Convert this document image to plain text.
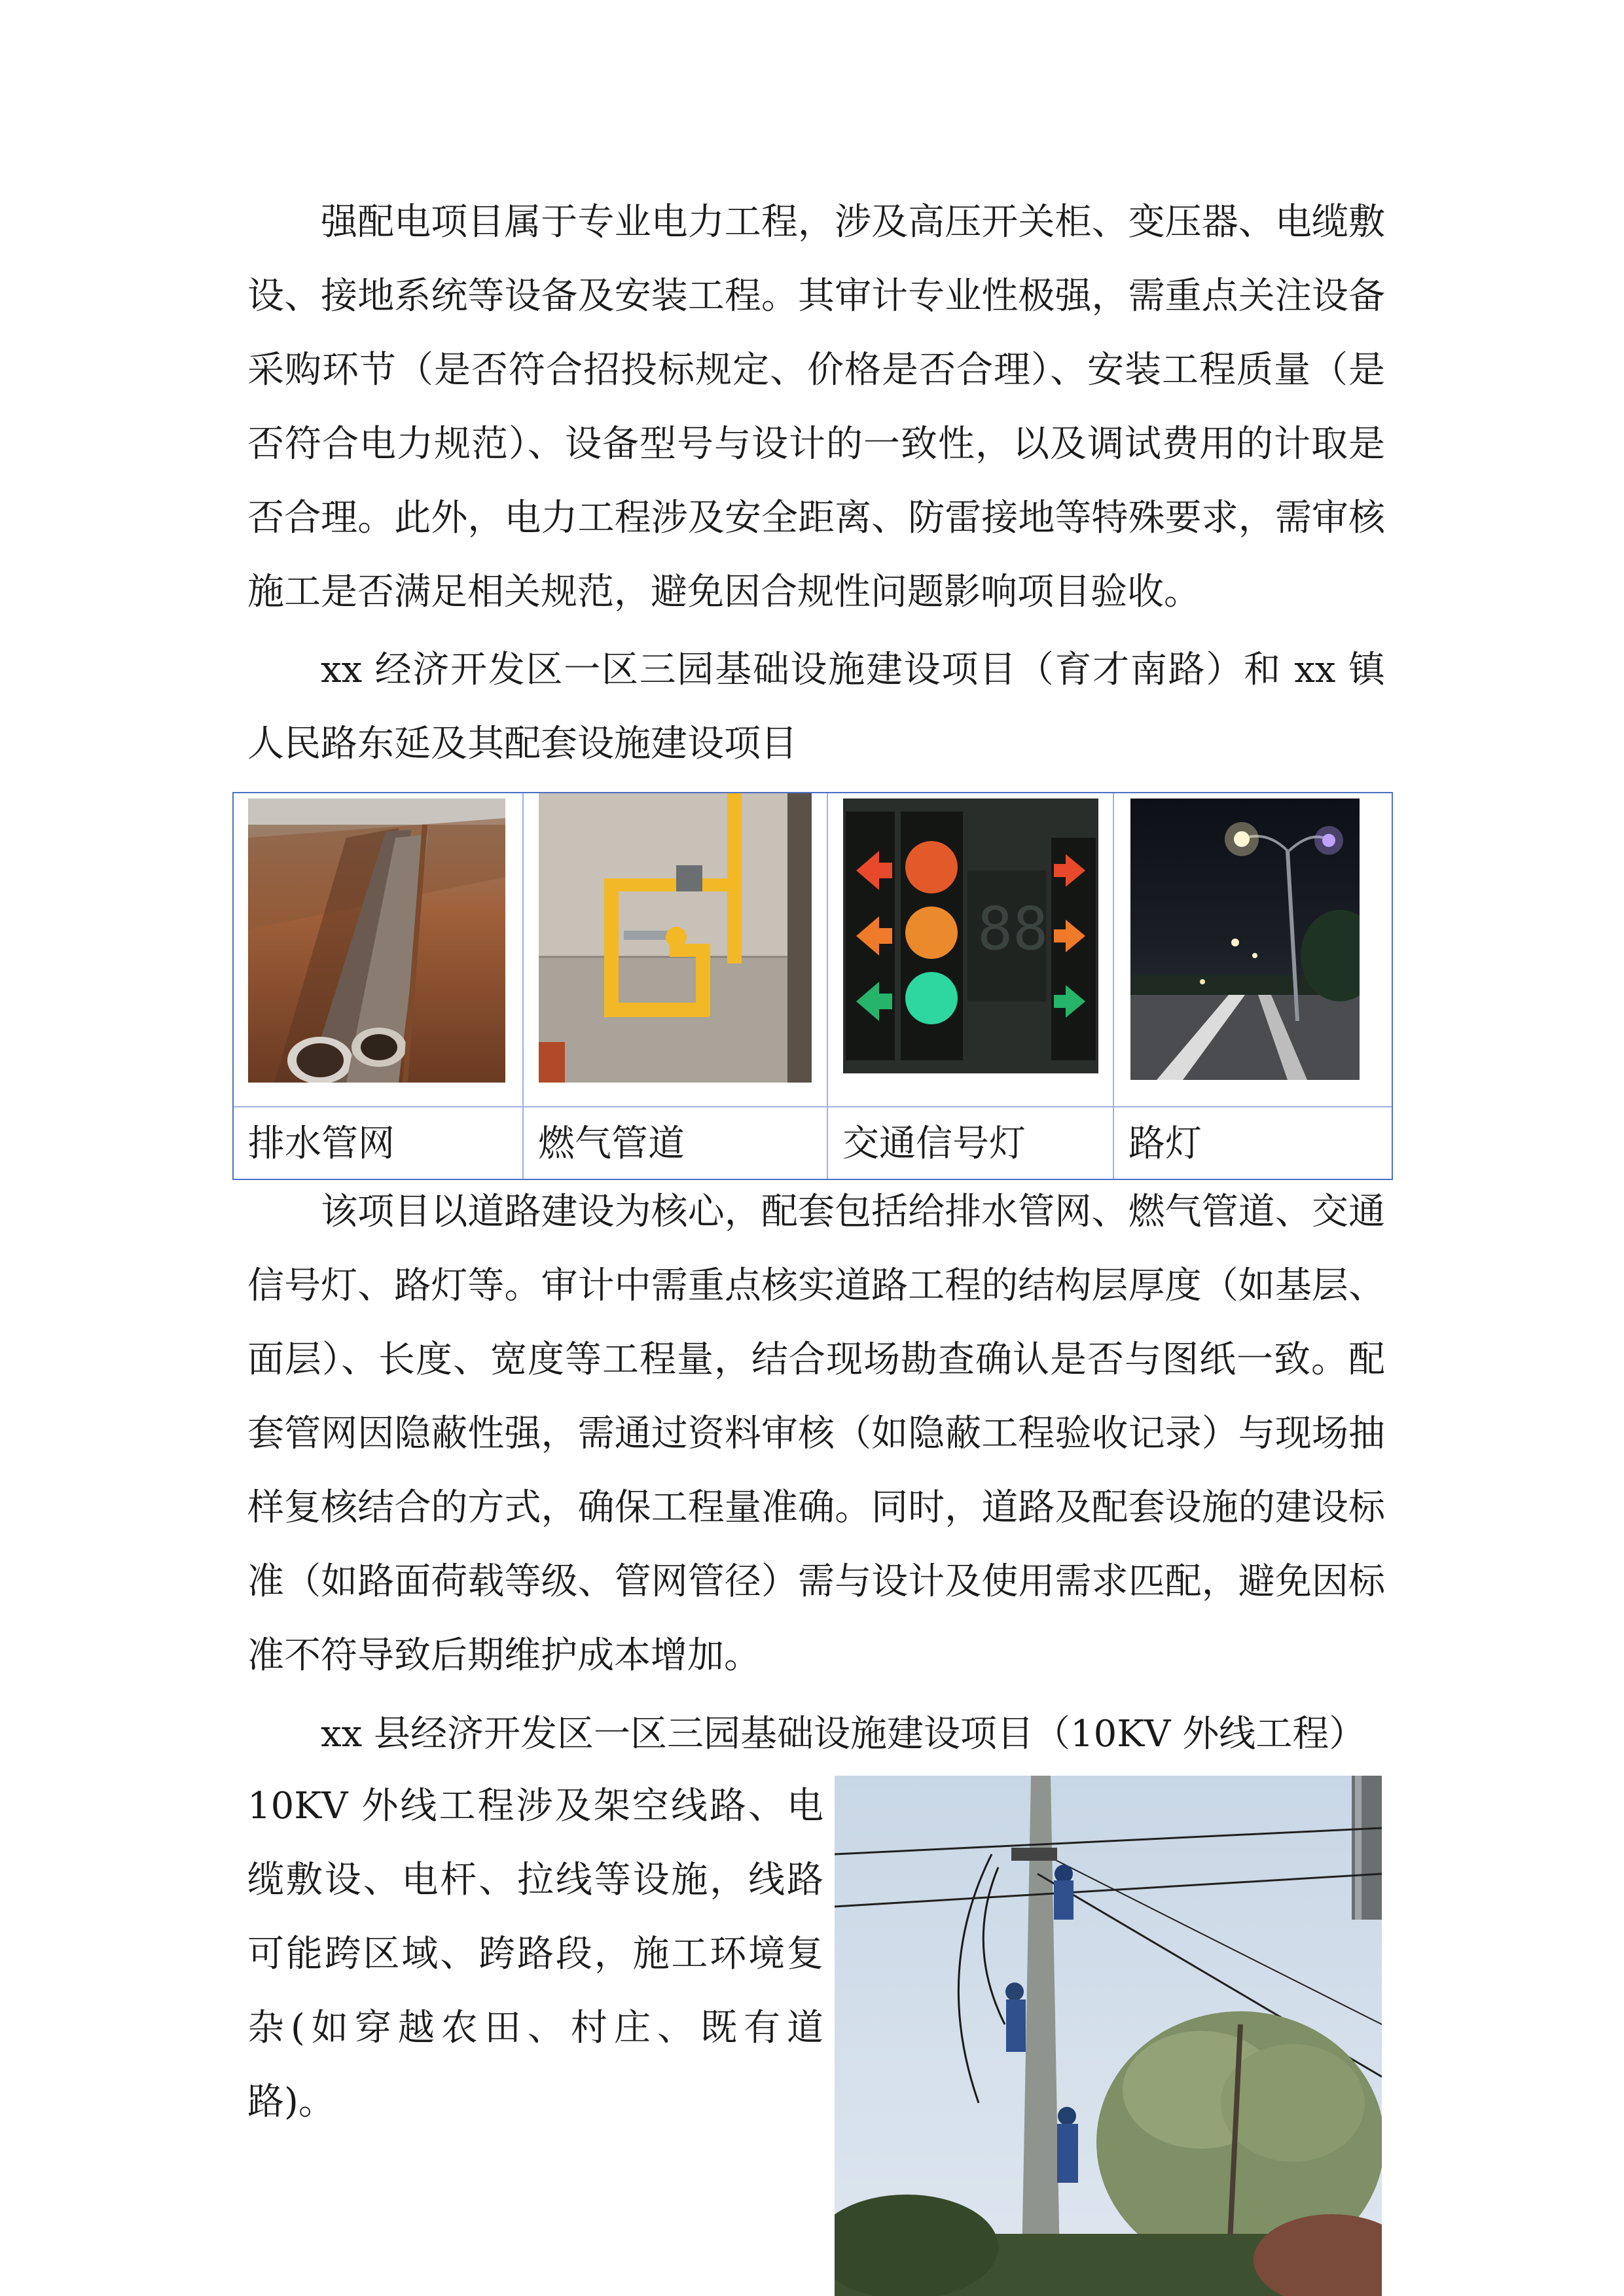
强配电项目属于专业电力工程，涉及高压开关柜、变压器、电缆敷设、接地系统等设备及安装工程。其审计专业性极强，需重点关注设备采购环节（是否符合招投标规定、价格是否合理）、安装工程质量（是否符合电力规范）、设备型号与设计的一致性，以及调试费用的计取是否合理。此外，电力工程涉及安全距离、防雷接地等特殊要求，需审核施工是否满足相关规范，避免因合规性问题影响项目验收。

xx 经济开发区一区三园基础设施建设项目（育才南路）和 xx 镇人民路东延及其配套设施建设项目

88
排水管网	燃气管道	交通信号灯	路灯

该项目以道路建设为核心，配套包括给排水管网、燃气管道、交通信号灯、路灯等。审计中需重点核实道路工程的结构层厚度（如基层、面层）、长度、宽度等工程量，结合现场勘查确认是否与图纸一致。配套管网因隐蔽性强，需通过资料审核（如隐蔽工程验收记录）与现场抽样复核结合的方式，确保工程量准确。同时，道路及配套设施的建设标准（如路面荷载等级、管网管径）需与设计及使用需求匹配，避免因标准不符导致后期维护成本增加。

xx 县经济开发区一区三园基础设施建设项目（10KV 外线工程）

10KV 外线工程涉及架空线路、电缆敷设、电杆、拉线等设施，线路可能跨区域、跨路段，施工环境复杂(如穿越农田、村庄、既有道路)。
